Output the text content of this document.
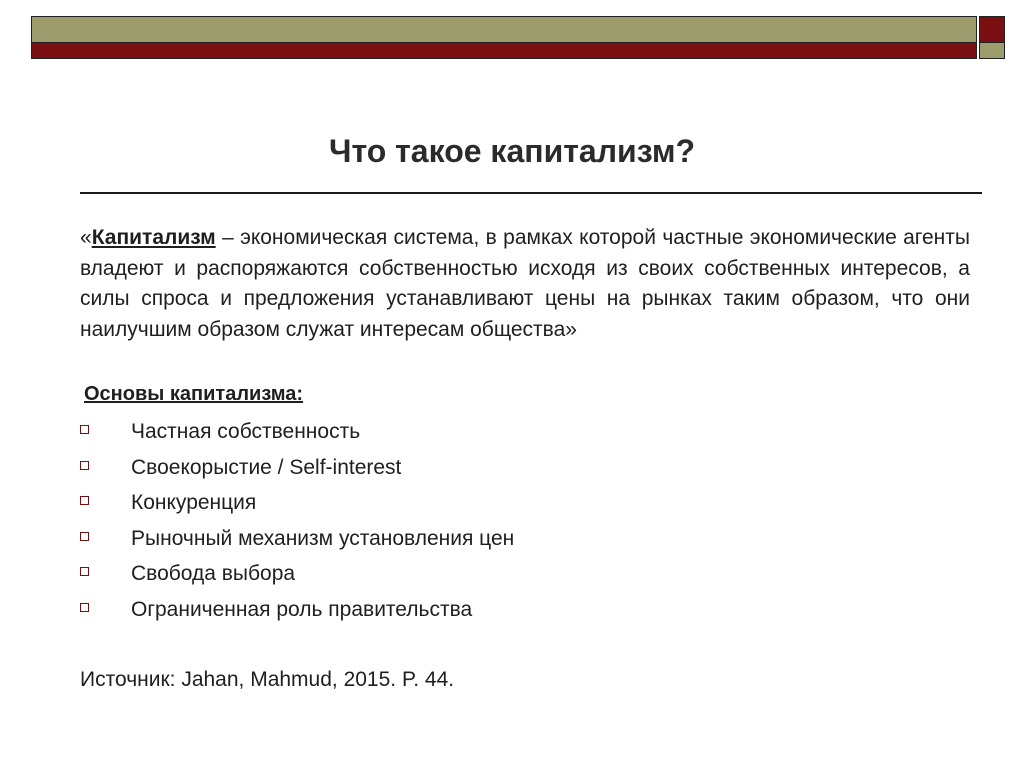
Что такое капитализм?
«Капитализм – экономическая система, в рамках которой частные экономические агенты владеют и распоряжаются собственностью исходя из своих собственных интересов, а силы спроса и предложения устанавливают цены на рынках таким образом, что они наилучшим образом служат интересам общества»
Основы капитализма:
Частная собственность
Своекорыстие / Self-interest
Конкуренция
Рыночный механизм установления цен
Свобода выбора
Ограниченная роль правительства
Источник: Jahan, Mahmud, 2015. P. 44.
